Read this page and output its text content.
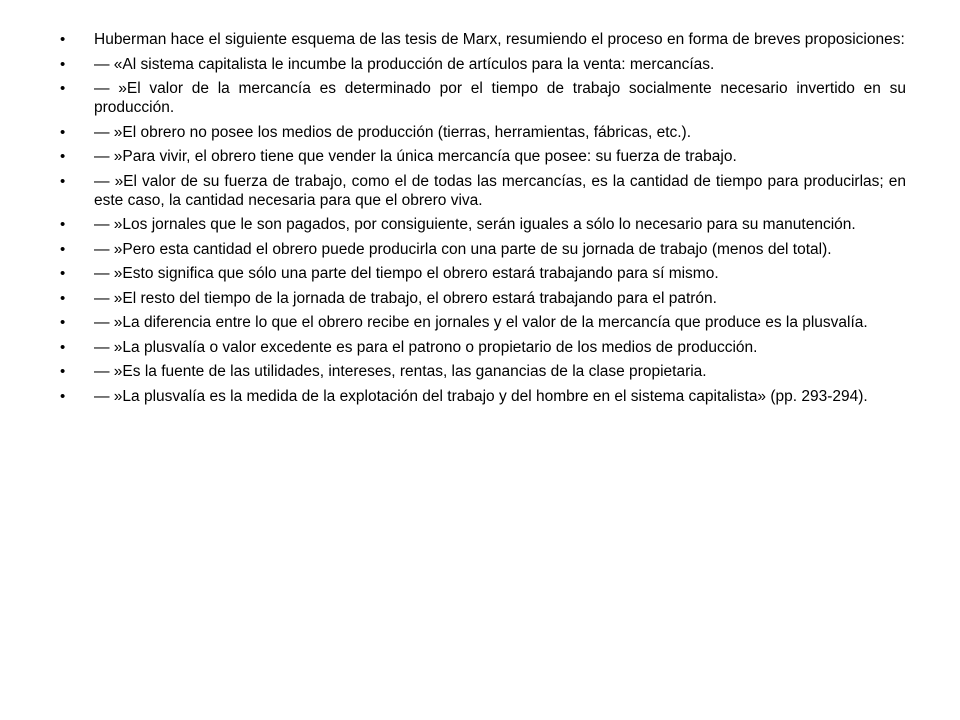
• Huberman hace el siguiente esquema de las tesis de Marx, resumiendo el proceso en forma de breves proposiciones:
• — «Al sistema capitalista le incumbe la producción de artículos para la venta: mercancías.
• — »El valor de la mercancía es determinado por el tiempo de trabajo socialmente necesario invertido en su producción.
• — »El obrero no posee los medios de producción (tierras, herramientas, fábricas, etc.).
• — »Para vivir, el obrero tiene que vender la única mercancía que posee: su fuerza de trabajo.
• — »El valor de su fuerza de trabajo, como el de todas las mercancías, es la cantidad de tiempo para producirlas; en este caso, la cantidad necesaria para que el obrero viva.
• — »Los jornales que le son pagados, por consiguiente, serán iguales a sólo lo necesario para su manutención.
• — »Pero esta cantidad el obrero puede producirla con una parte de su jornada de trabajo (menos del total).
• — »Esto significa que sólo una parte del tiempo el obrero estará trabajando para sí mismo.
• — »El resto del tiempo de la jornada de trabajo, el obrero estará trabajando para el patrón.
• — »La diferencia entre lo que el obrero recibe en jornales y el valor de la mercancía que produce es la plusvalía.
• — »La plusvalía o valor excedente es para el patrono o propietario de los medios de producción.
• — »Es la fuente de las utilidades, intereses, rentas, las ganancias de la clase propietaria.
• — »La plusvalía es la medida de la explotación del trabajo y del hombre en el sistema capitalista» (pp. 293-294).
